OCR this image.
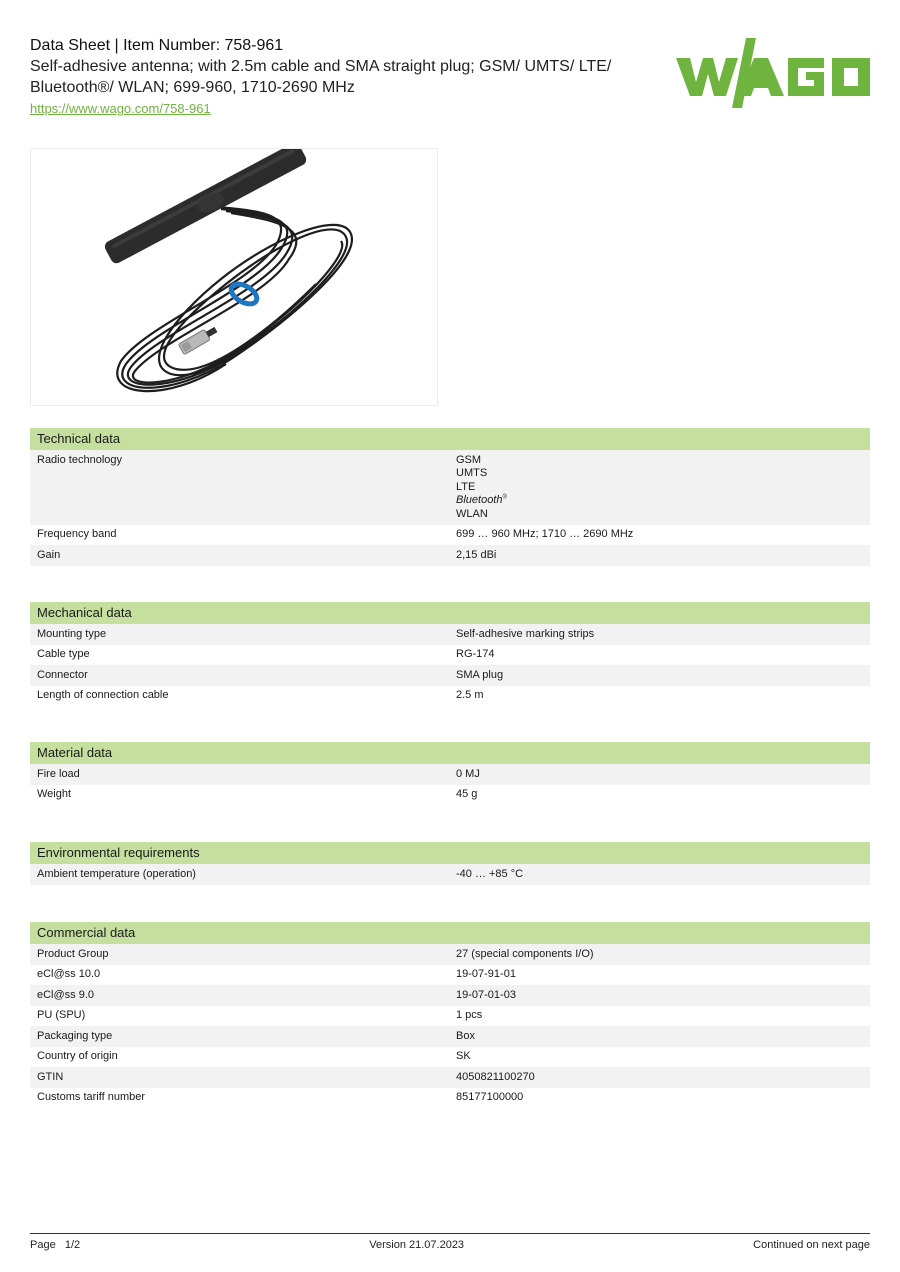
Data Sheet | Item Number: 758-961
Self-adhesive antenna; with 2.5m cable and SMA straight plug; GSM/ UMTS/ LTE/
Bluetooth®/ WLAN; 699-960, 1710-2690 MHz
https://www.wago.com/758-961
WAGO
Technical data
Radio technology	GSM
UMTS
LTE
Bluetooth®
WLAN
Frequency band	699 … 960 MHz; 1710 … 2690 MHz
Gain	2,15 dBi
Mechanical data
Mounting type	Self-adhesive marking strips
Cable type	RG-174
Connector	SMA plug
Length of connection cable	2.5 m
Material data
Fire load	0 MJ
Weight	45 g
Environmental requirements
Ambient temperature (operation)	-40 … +85 °C
Commercial data
Product Group	27 (special components I/O)
eCl@ss 10.0	19-07-91-01
eCl@ss 9.0	19-07-01-03
PU (SPU)	1 pcs
Packaging type	Box
Country of origin	SK
GTIN	4050821100270
Customs tariff number	85177100000
Page   1/2	Version 21.07.2023	Continued on next page
